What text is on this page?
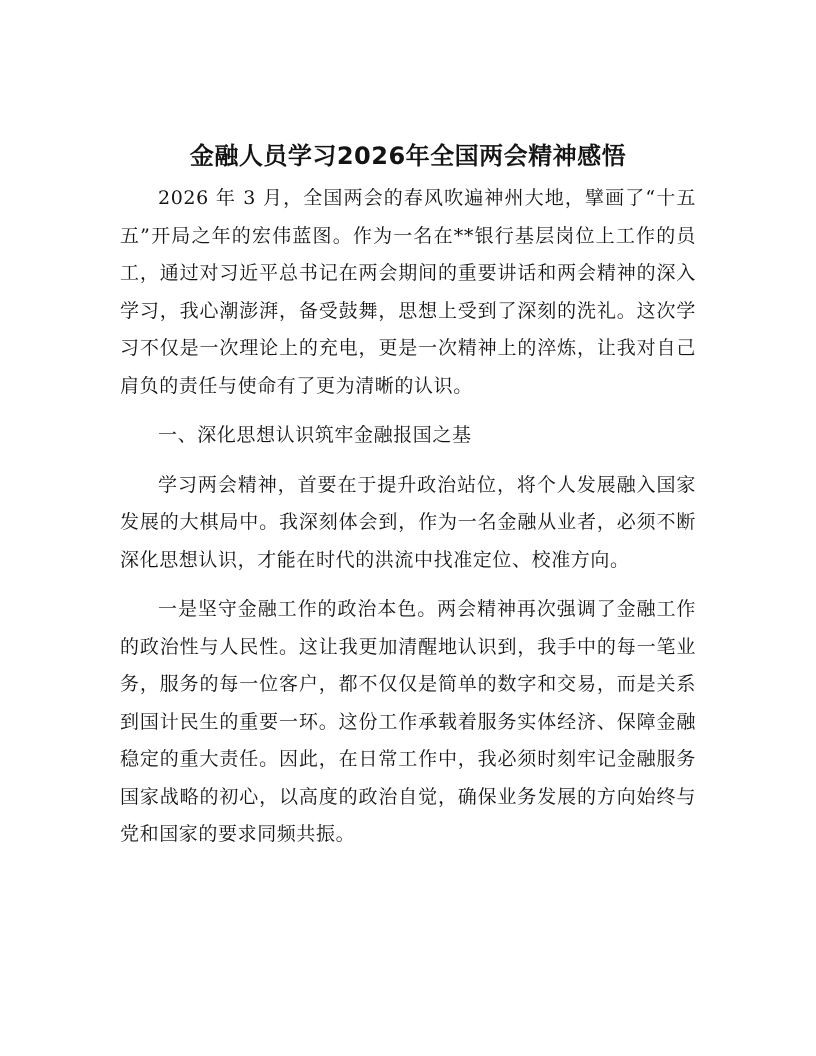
金融人员学习2026年全国两会精神感悟

2026 年 3 月，全国两会的春风吹遍神州大地，擘画了“十五五”开局之年的宏伟蓝图。作为一名在**银行基层岗位上工作的员工，通过对习近平总书记在两会期间的重要讲话和两会精神的深入学习，我心潮澎湃，备受鼓舞，思想上受到了深刻的洗礼。这次学习不仅是一次理论上的充电，更是一次精神上的淬炼，让我对自己肩负的责任与使命有了更为清晰的认识。

一、深化思想认识筑牢金融报国之基

学习两会精神，首要在于提升政治站位，将个人发展融入国家发展的大棋局中。我深刻体会到，作为一名金融从业者，必须不断深化思想认识，才能在时代的洪流中找准定位、校准方向。

一是坚守金融工作的政治本色。两会精神再次强调了金融工作的政治性与人民性。这让我更加清醒地认识到，我手中的每一笔业务，服务的每一位客户，都不仅仅是简单的数字和交易，而是关系到国计民生的重要一环。这份工作承载着服务实体经济、保障金融稳定的重大责任。因此，在日常工作中，我必须时刻牢记金融服务国家战略的初心，以高度的政治自觉，确保业务发展的方向始终与党和国家的要求同频共振。
